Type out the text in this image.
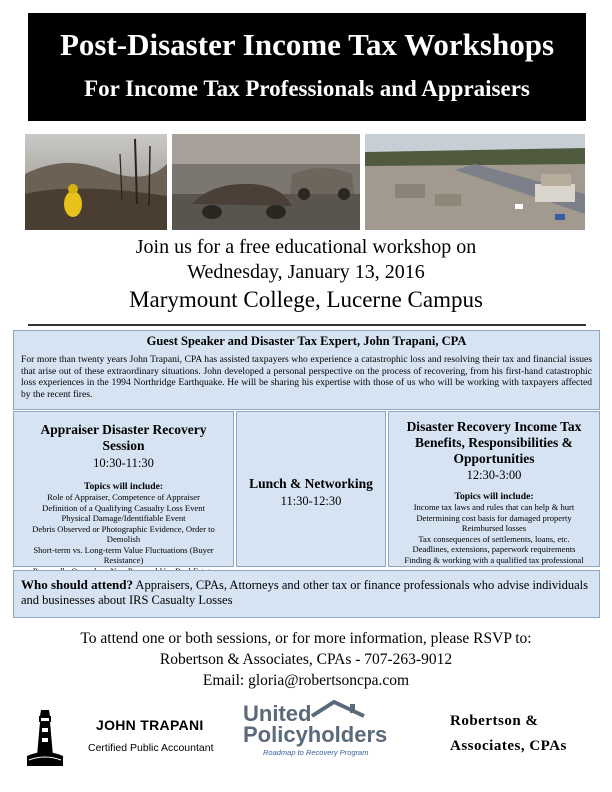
Post-Disaster Income Tax Workshops
For Income Tax Professionals and Appraisers
Join us for a free educational workshop on
Wednesday, January 13, 2016
Marymount College, Lucerne Campus
Guest Speaker and Disaster Tax Expert, John Trapani, CPA
For more than twenty years John Trapani, CPA has assisted taxpayers who experience a catastrophic loss and resolving their tax and financial issues that arise out of these extraordinary situations. John developed a personal perspective on the process of recovering, from his first-hand catastrophic loss experiences in the 1994 Northridge Earthquake. He will be sharing his expertise with those of us who will be working with taxpayers affected by the recent fires.
Appraiser Disaster Recovery
Session
10:30-11:30
Topics will include:
Role of Appraiser, Competence of Appraiser
Definition of a Qualifying Casualty Loss Event
Physical Damage/Identifiable Event
Debris Observed or Photographic Evidence, Order to Demolish
Short-term vs. Long-term Value Fluctuations (Buyer Resistance)
Lunch & Networking
11:30-12:30
Disaster Recovery Income Tax
Benefits, Responsibilities &
Opportunities
12:30-3:00
Topics will include:
Income tax laws and rules that can help & hurt
Determining cost basis for damaged property
Reimbursed losses
Tax consequences of settlements, loans, etc.
Deadlines, extensions, paperwork requirements
Finding & working with a qualified tax professional
Who should attend? Appraisers, CPAs, Attorneys and other tax or finance professionals who advise individuals and businesses about IRS Casualty Losses
To attend one or both sessions, or for more information, please RSVP to:
Robertson & Associates, CPAs - 707-263-9012
Email: gloria@robertsoncpa.com
JOHN TRAPANI
Certified Public Accountant
United
Policyholders
Roadmap to Recovery Program
Robertson &
Associates, CPAs
